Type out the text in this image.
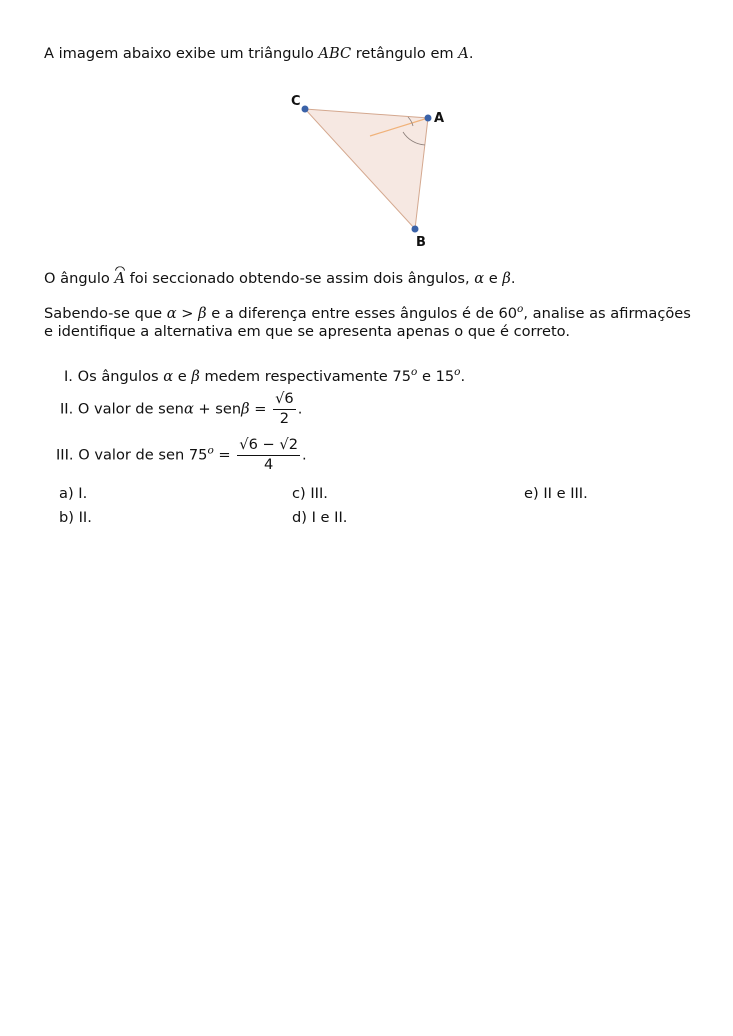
A imagem abaixo exibe um triângulo ABC retângulo em A.
C
A
B
O ângulo A foi seccionado obtendo-se assim dois ângulos, α e β.
Sabendo-se que α > β e a diferença entre esses ângulos é de 60$^o$, analise as afirmações
e identifique a alternativa em que se apresenta apenas o que é correto.
I. Os ângulos α e β medem respectivamente 75$^o$ e 15$^o$.
II. O valor de $sen\alpha + sen\beta = \frac{√6}{2}$ .
III. O valor de sen $75^o = \frac{√6 - √2}{4}$ .
a) I.
b) II.
c) III.
d) I e II.
e) II e III.
